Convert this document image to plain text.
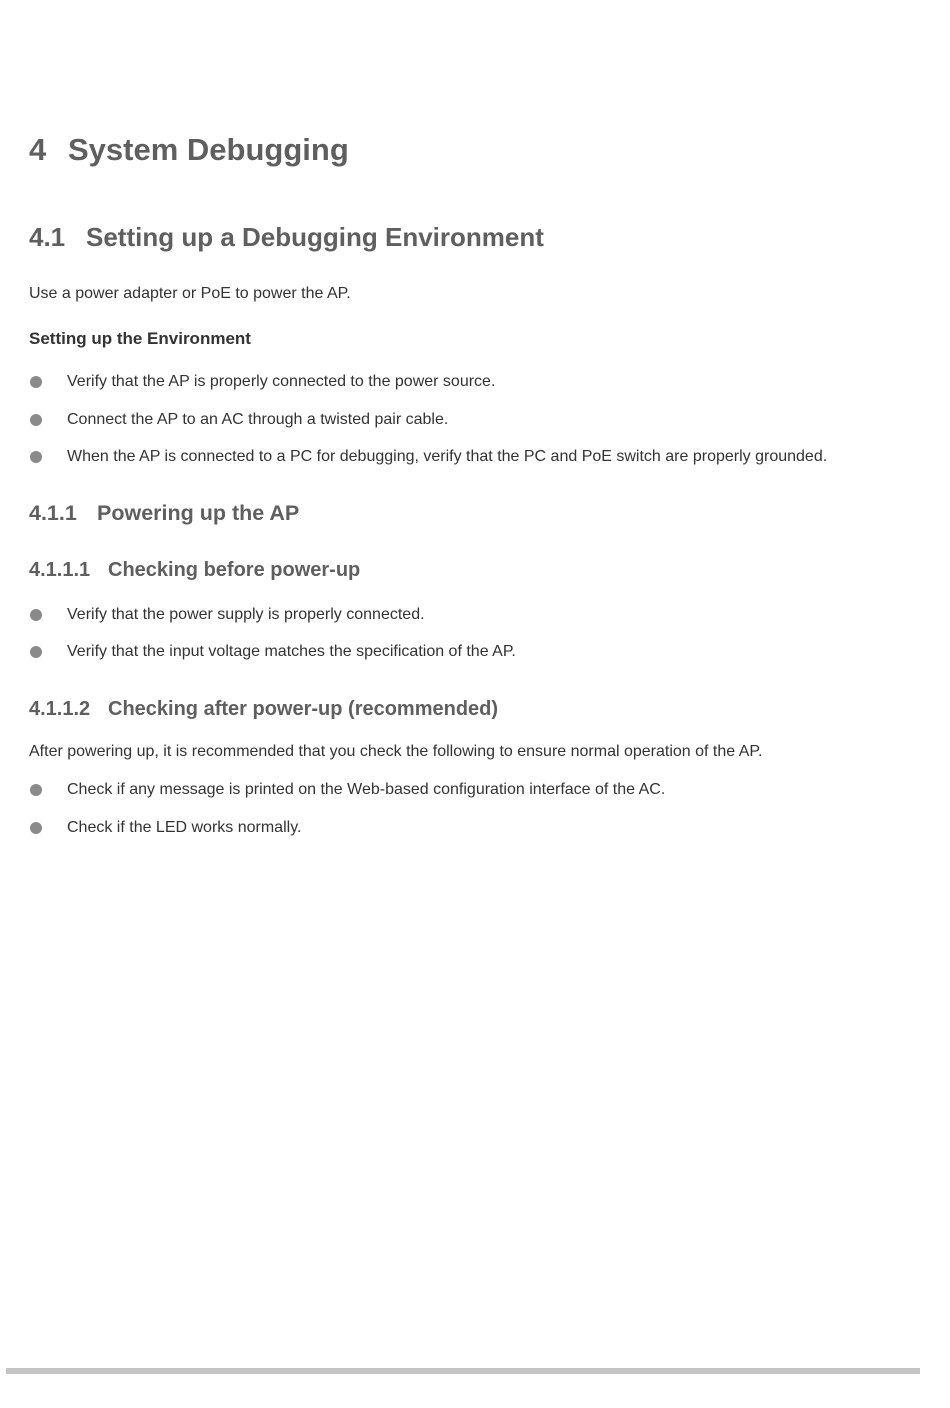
4 System Debugging
4.1 Setting up a Debugging Environment
Use a power adapter or PoE to power the AP.
Setting up the Environment
Verify that the AP is properly connected to the power source.
Connect the AP to an AC through a twisted pair cable.
When the AP is connected to a PC for debugging, verify that the PC and PoE switch are properly grounded.
4.1.1 Powering up the AP
4.1.1.1 Checking before power-up
Verify that the power supply is properly connected.
Verify that the input voltage matches the specification of the AP.
4.1.1.2 Checking after power-up (recommended)
After powering up, it is recommended that you check the following to ensure normal operation of the AP.
Check if any message is printed on the Web-based configuration interface of the AC.
Check if the LED works normally.
